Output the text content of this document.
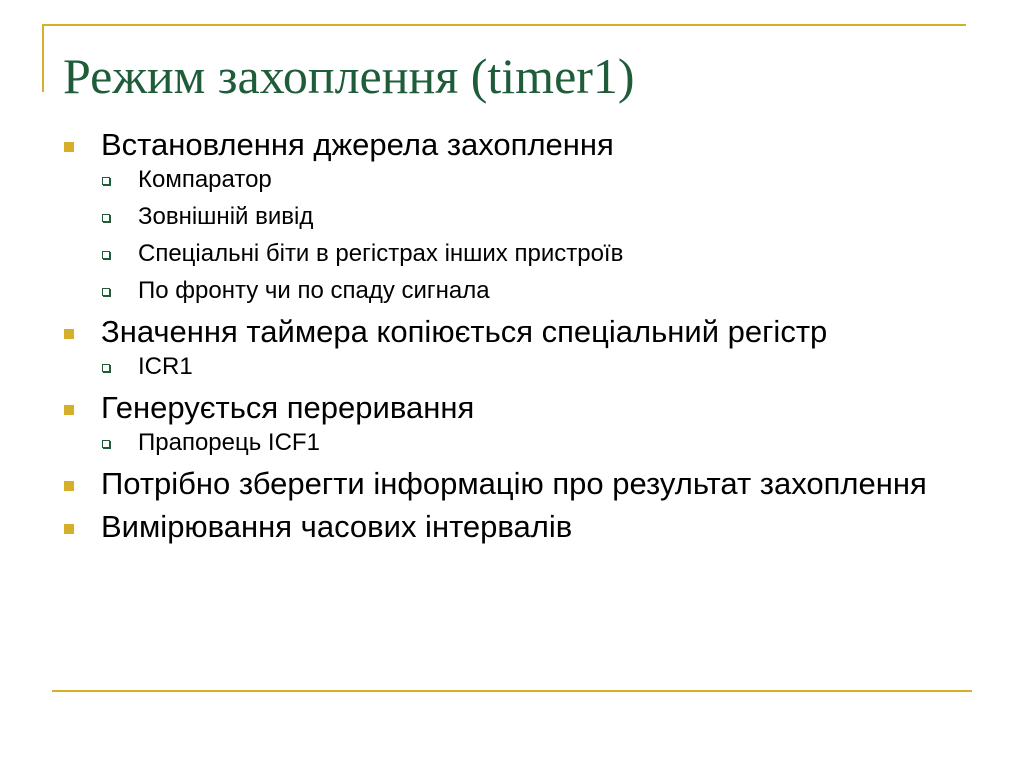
Режим захоплення (timer1)
Встановлення джерела захоплення
Компаратор
Зовнішній вивід
Спеціальні біти в регістрах інших пристроїв
По фронту чи по спаду сигнала
Значення таймера копіюється спеціальний регістр
ICR1
Генерується переривання
Прапорець ICF1
Потрібно зберегти інформацію про результат захоплення
Вимірювання часових інтервалів
